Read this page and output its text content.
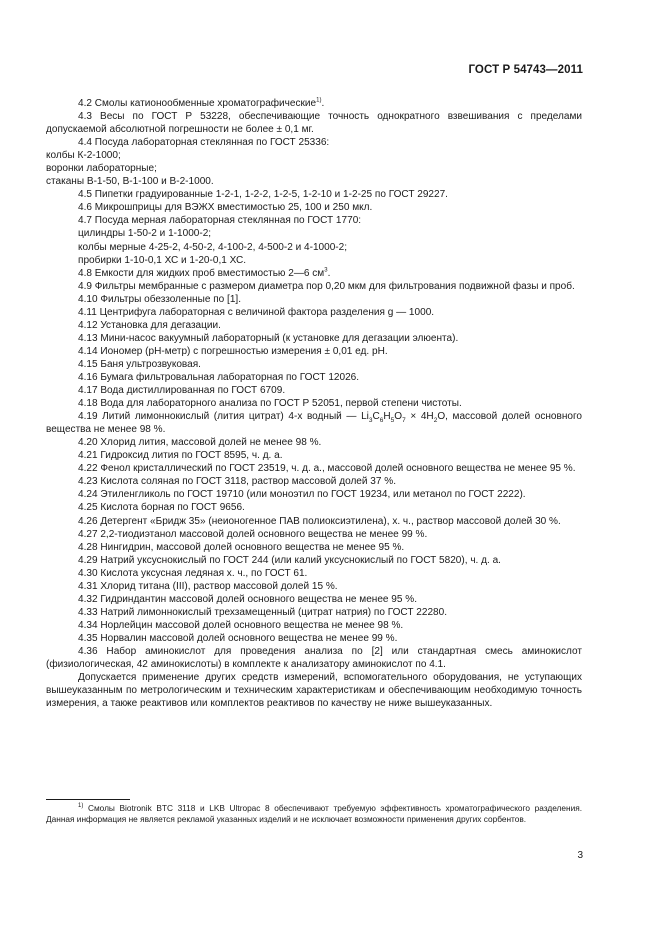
ГОСТ Р 54743—2011

4.2 Смолы катионообменные хроматографические$^{1)}$.

4.3 Весы по ГОСТ Р 53228, обеспечивающие точность однократного взвешивания с пределами допускаемой абсолютной погрешности не более ± 0,1 мг.

4.4 Посуда лабораторная стеклянная по ГОСТ 25336:

колбы К-2-1000;

воронки лабораторные;

стаканы В-1-50, В-1-100 и В-2-1000.

4.5 Пипетки градуированные 1-2-1, 1-2-2, 1-2-5, 1-2-10 и 1-2-25 по ГОСТ 29227.

4.6 Микрошприцы для ВЭЖХ вместимостью 25, 100 и 250 мкл.

4.7 Посуда мерная лабораторная стеклянная по ГОСТ 1770:

цилиндры 1-50-2 и 1-1000-2;

колбы мерные 4-25-2, 4-50-2, 4-100-2, 4-500-2 и 4-1000-2;

пробирки 1-10-0,1 ХС и 1-20-0,1 ХС.

4.8 Емкости для жидких проб вместимостью 2—6 $см^3$.

4.9 Фильтры мембранные с размером диаметра пор 0,20 мкм для фильтрования подвижной фазы и проб.

4.10 Фильтры обеззоленные по [1].

4.11 Центрифуга лабораторная с величиной фактора разделения g — 1000.

4.12 Установка для дегазации.

4.13 Мини-насос вакуумный лабораторный (к установке для дегазации элюента).

4.14 Иономер (рН-метр) с погрешностью измерения ± 0,01 ед. рН.

4.15 Баня ультрозвуковая.

4.16 Бумага фильтровальная лабораторная по ГОСТ 12026.

4.17 Вода дистиллированная по ГОСТ 6709.

4.18 Вода для лабораторного анализа по ГОСТ Р 52051, первой степени чистоты.

4.19 Литий лимоннокислый (лития цитрат) 4-х водный — $Li_3C_6H_5O_7 \times 4H_2O$, массовой долей основного вещества не менее 98 %.

4.20 Хлорид лития, массовой долей не менее 98 %.

4.21 Гидроксид лития по ГОСТ 8595, ч. д. а.

4.22 Фенол кристаллический по ГОСТ 23519, ч. д. а., массовой долей основного вещества не менее 95 %.

4.23 Кислота соляная по ГОСТ 3118, раствор массовой долей 37 %.

4.24 Этиленгликоль по ГОСТ 19710 (или моноэтил по ГОСТ 19234, или метанол по ГОСТ 2222).

4.25 Кислота борная по ГОСТ 9656.

4.26 Детергент «Бридж 35» (неионогенное ПАВ полиоксиэтилена), х. ч., раствор массовой долей 30 %.

4.27 2,2-тиодиэтанол массовой долей основного вещества не менее 99 %.

4.28 Нингидрин, массовой долей основного вещества не менее 95 %.

4.29 Натрий уксуснокислый по ГОСТ 244 (или калий уксуснокислый по ГОСТ 5820), ч. д. а.

4.30 Кислота уксусная ледяная х. ч., по ГОСТ 61.

4.31 Хлорид титана (III), раствор массовой долей 15 %.

4.32 Гидриндантин массовой долей основного вещества не менее 95 %.

4.33 Натрий лимоннокислый трехзамещенный (цитрат натрия) по ГОСТ 22280.

4.34 Норлейцин массовой долей основного вещества не менее 98 %.

4.35 Норвалин массовой долей основного вещества не менее 99 %.

4.36 Набор аминокислот для проведения анализа по [2] или стандартная смесь аминокислот (физиологическая, 42 аминокислоты) в комплекте к анализатору аминокислот по 4.1.

Допускается применение других средств измерений, вспомогательного оборудования, не уступающих вышеуказанным по метрологическим и техническим характеристикам и обеспечивающим необходимую точность измерения, а также реактивов или комплектов реактивов по качеству не ниже вышеуказанных.

$^{1)}$ Смолы Biotronik BTC 3118 и LKB Ultropac 8 обеспечивают требуемую эффективность хроматографического разделения. Данная информация не является рекламой указанных изделий и не исключает возможности применения других сорбентов.

3
